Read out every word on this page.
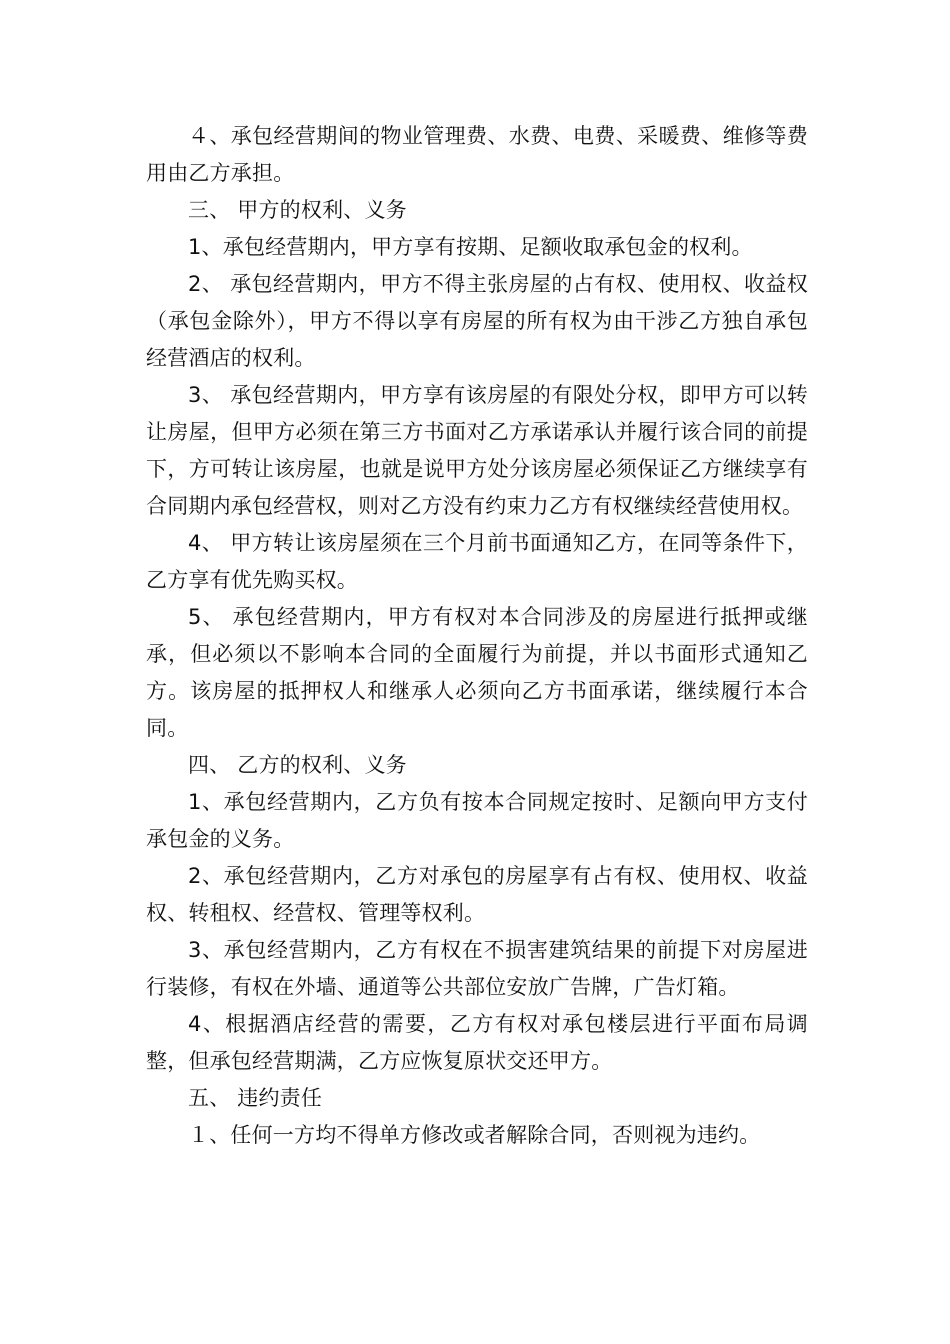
４、承包经营期间的物业管理费、水费、电费、采暖费、维修等费用由乙方承担。

三、 甲方的权利、义务

1、承包经营期内，甲方享有按期、足额收取承包金的权利。

2、 承包经营期内，甲方不得主张房屋的占有权、使用权、收益权（承包金除外），甲方不得以享有房屋的所有权为由干涉乙方独自承包经营酒店的权利。

3、 承包经营期内，甲方享有该房屋的有限处分权，即甲方可以转让房屋，但甲方必须在第三方书面对乙方承诺承认并履行该合同的前提下，方可转让该房屋，也就是说甲方处分该房屋必须保证乙方继续享有合同期内承包经营权，则对乙方没有约束力乙方有权继续经营使用权。

4、 甲方转让该房屋须在三个月前书面通知乙方，在同等条件下，乙方享有优先购买权。

5、 承包经营期内，甲方有权对本合同涉及的房屋进行抵押或继承，但必须以不影响本合同的全面履行为前提，并以书面形式通知乙方。该房屋的抵押权人和继承人必须向乙方书面承诺，继续履行本合同。

四、 乙方的权利、义务

1、承包经营期内，乙方负有按本合同规定按时、足额向甲方支付承包金的义务。

2、承包经营期内，乙方对承包的房屋享有占有权、使用权、收益权、转租权、经营权、管理等权利。

3、承包经营期内，乙方有权在不损害建筑结果的前提下对房屋进行装修，有权在外墙、通道等公共部位安放广告牌，广告灯箱。

4、根据酒店经营的需要，乙方有权对承包楼层进行平面布局调整，但承包经营期满，乙方应恢复原状交还甲方。

五、 违约责任

１、任何一方均不得单方修改或者解除合同，否则视为违约。
